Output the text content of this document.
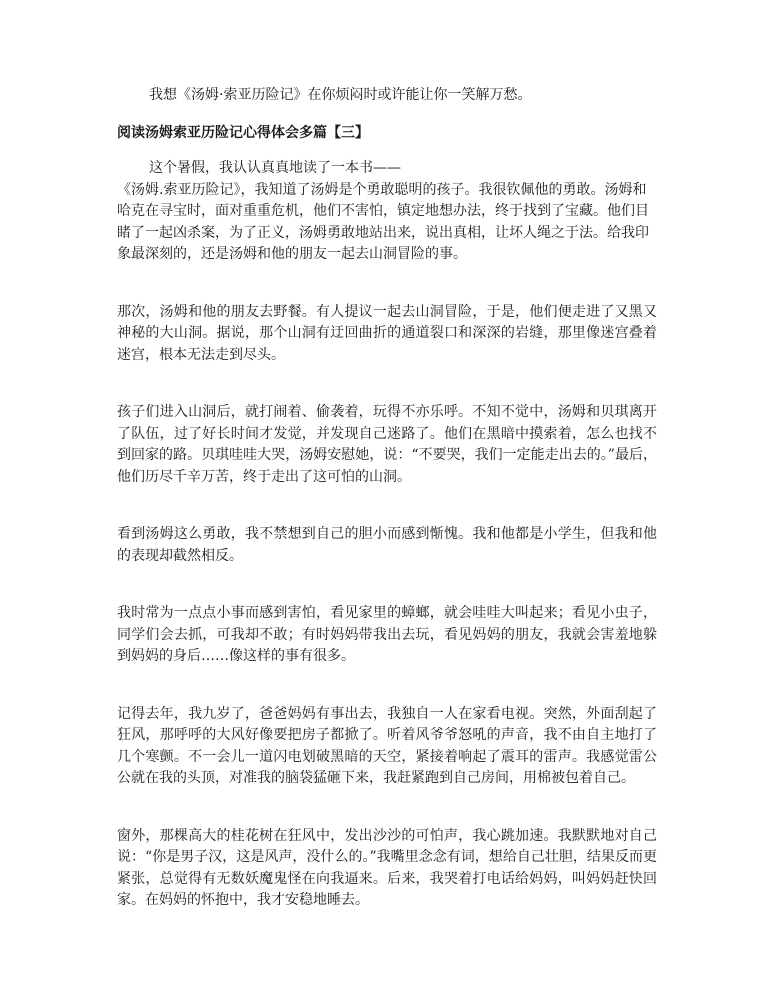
我想《汤姆·索亚历险记》在你烦闷时或许能让你一笑解万愁。

阅读汤姆索亚历险记心得体会多篇【三】

这个暑假，我认认真真地读了一本书——
《汤姆.索亚历险记》，我知道了汤姆是个勇敢聪明的孩子。我很钦佩他的勇敢。汤姆和哈克在寻宝时，面对重重危机，他们不害怕，镇定地想办法，终于找到了宝藏。他们目睹了一起凶杀案，为了正义，汤姆勇敢地站出来，说出真相，让坏人绳之于法。给我印象最深刻的，还是汤姆和他的朋友一起去山洞冒险的事。

那次，汤姆和他的朋友去野餐。有人提议一起去山洞冒险，于是，他们便走进了又黑又神秘的大山洞。据说，那个山洞有迂回曲折的通道裂口和深深的岩缝，那里像迷宫叠着迷宫，根本无法走到尽头。

孩子们进入山洞后，就打闹着、偷袭着，玩得不亦乐呼。不知不觉中，汤姆和贝琪离开了队伍，过了好长时间才发觉，并发现自己迷路了。他们在黑暗中摸索着，怎么也找不到回家的路。贝琪哇哇大哭，汤姆安慰她，说：“不要哭，我们一定能走出去的。”最后，他们历尽千辛万苦，终于走出了这可怕的山洞。

看到汤姆这么勇敢，我不禁想到自己的胆小而感到惭愧。我和他都是小学生，但我和他的表现却截然相反。

我时常为一点点小事而感到害怕，看见家里的蟑螂，就会哇哇大叫起来；看见小虫子，同学们会去抓，可我却不敢；有时妈妈带我出去玩，看见妈妈的朋友，我就会害羞地躲到妈妈的身后……像这样的事有很多。

记得去年，我九岁了，爸爸妈妈有事出去，我独自一人在家看电视。突然，外面刮起了狂风，那呼呼的大风好像要把房子都掀了。听着风爷爷怒吼的声音，我不由自主地打了几个寒颤。不一会儿一道闪电划破黑暗的天空，紧接着响起了震耳的雷声。我感觉雷公公就在我的头顶，对准我的脑袋猛砸下来，我赶紧跑到自己房间，用棉被包着自己。

窗外，那棵高大的桂花树在狂风中，发出沙沙的可怕声，我心跳加速。我默默地对自己说：“你是男子汉，这是风声，没什么的。”我嘴里念念有词，想给自己壮胆，结果反而更紧张，总觉得有无数妖魔鬼怪在向我逼来。后来，我哭着打电话给妈妈，叫妈妈赶快回家。在妈妈的怀抱中，我才安稳地睡去。
